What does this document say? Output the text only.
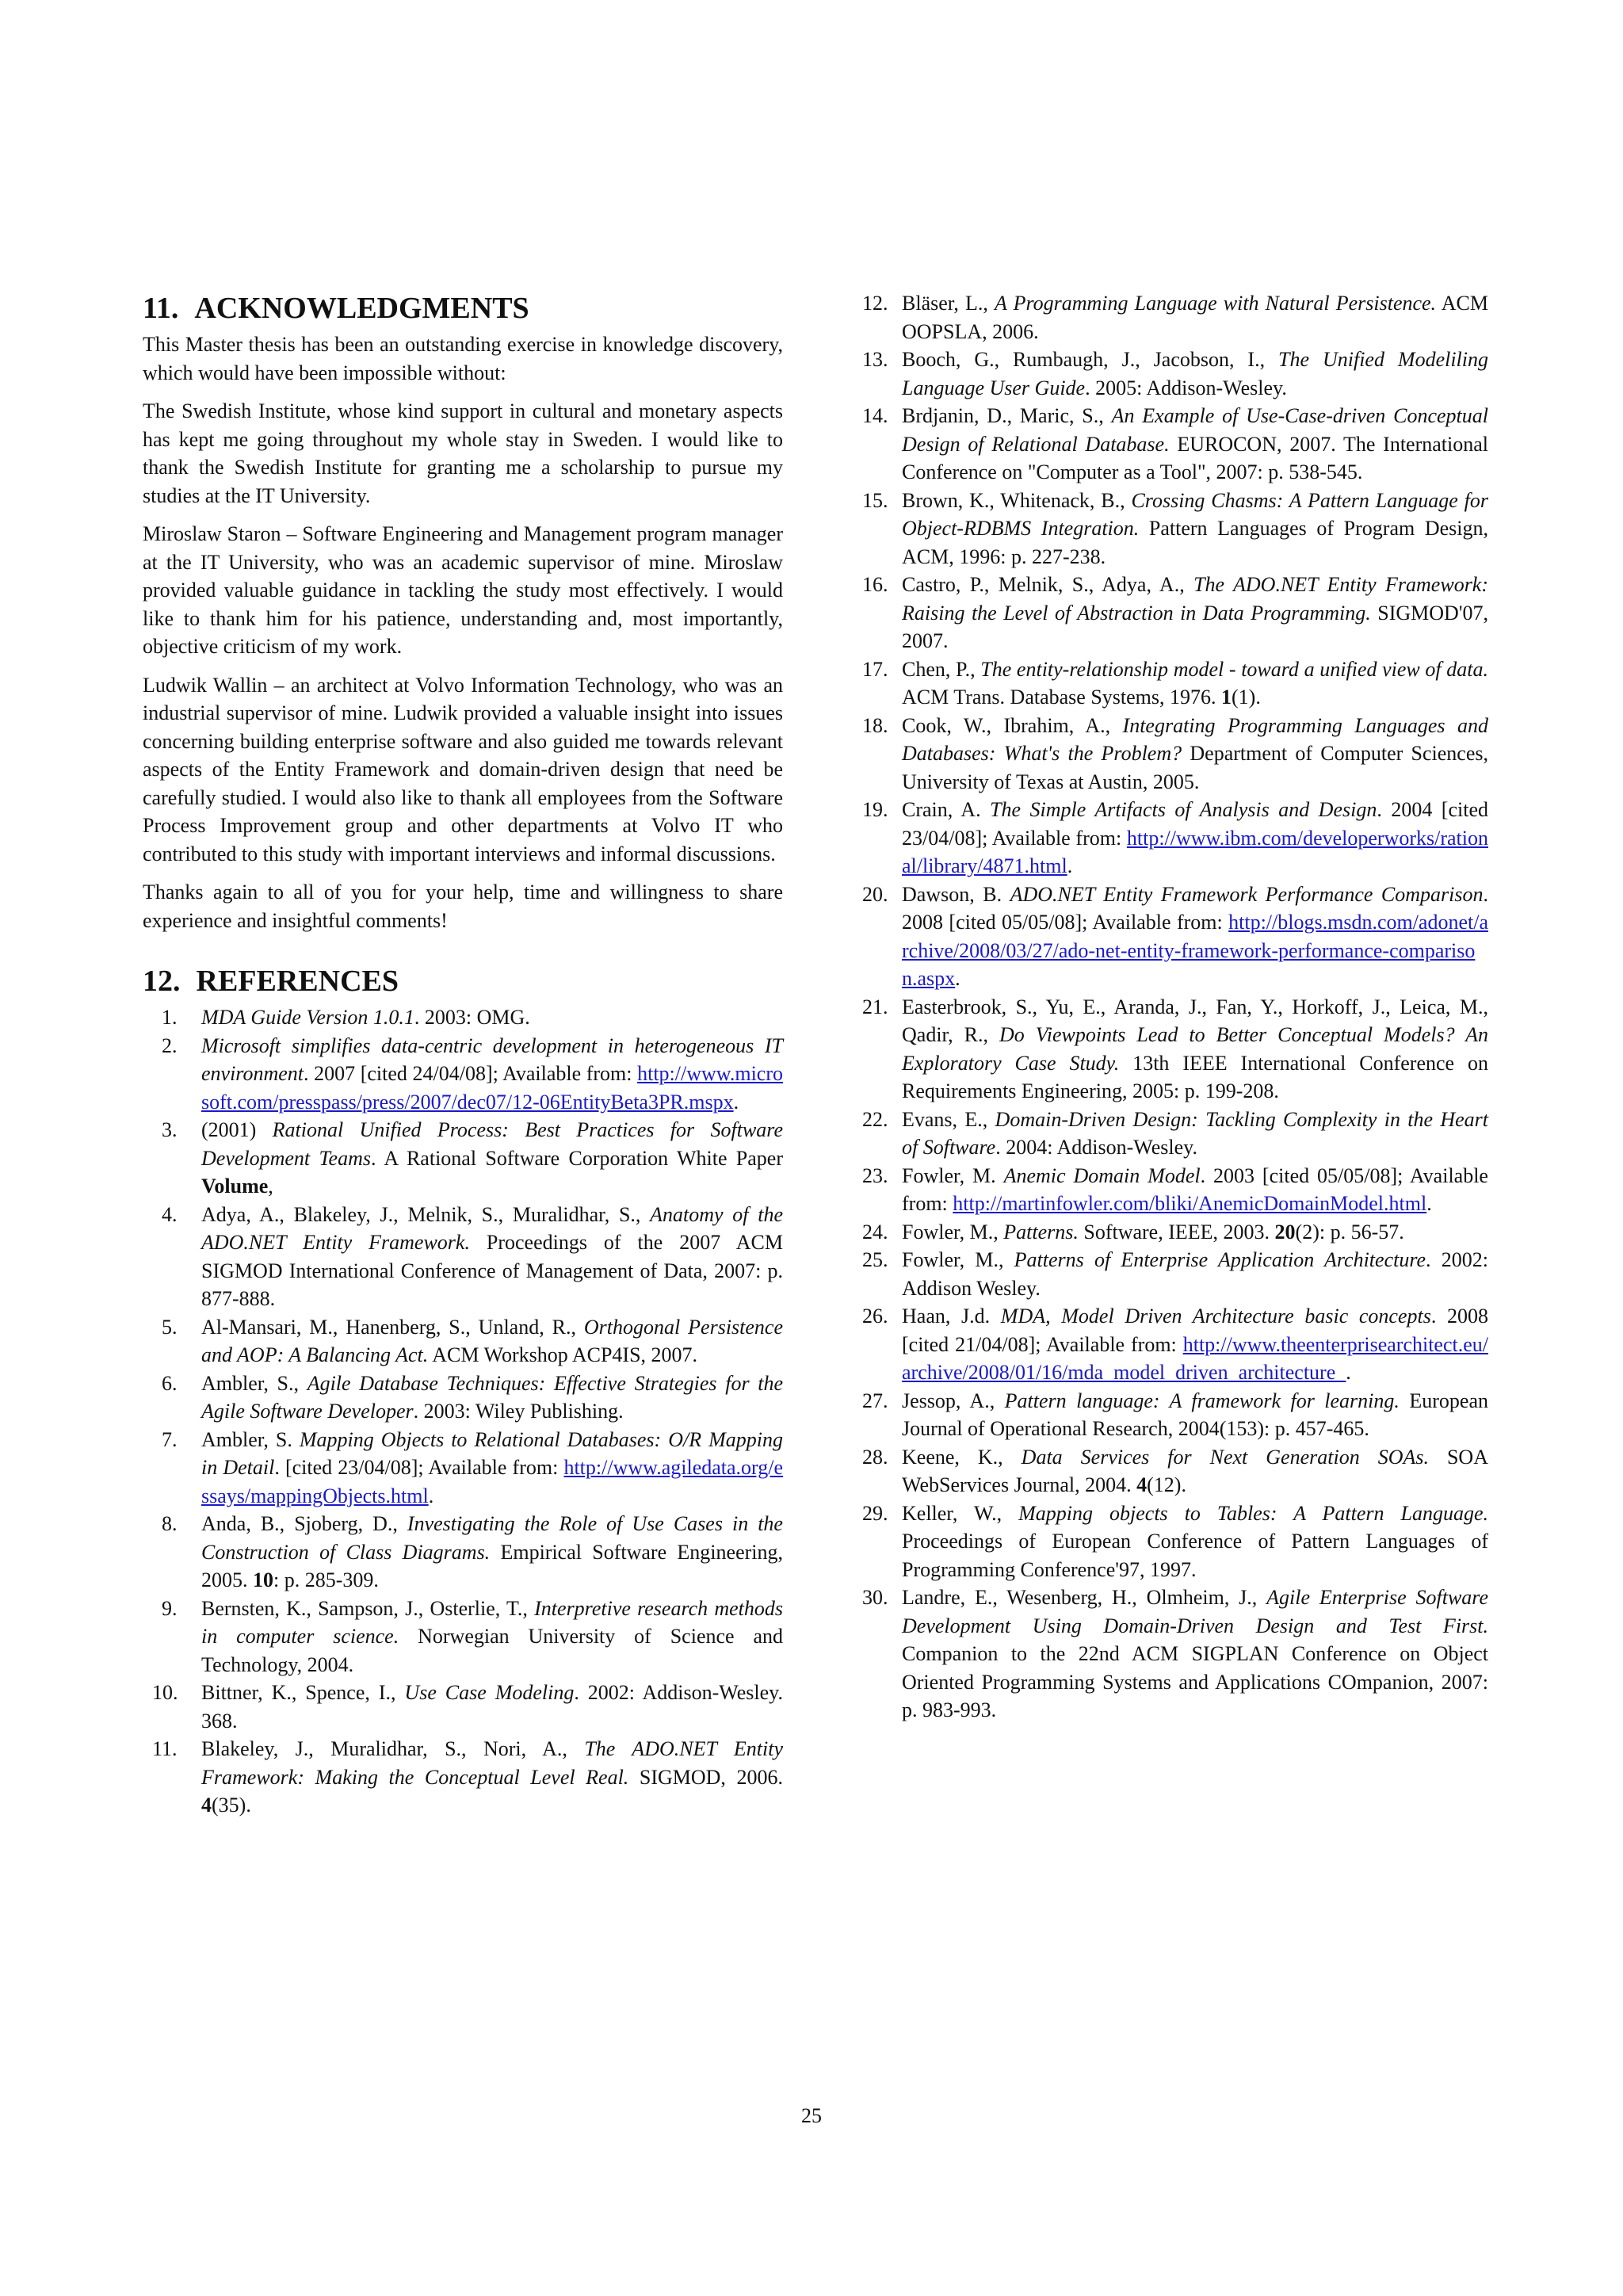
11. ACKNOWLEDGMENTS

This Master thesis has been an outstanding exercise in knowledge discovery, which would have been impossible without:

The Swedish Institute, whose kind support in cultural and monetary aspects has kept me going throughout my whole stay in Sweden. I would like to thank the Swedish Institute for granting me a scholarship to pursue my studies at the IT University.

Miroslaw Staron – Software Engineering and Management program manager at the IT University, who was an academic supervisor of mine. Miroslaw provided valuable guidance in tackling the study most effectively. I would like to thank him for his patience, understanding and, most importantly, objective criticism of my work.

Ludwik Wallin – an architect at Volvo Information Technology, who was an industrial supervisor of mine. Ludwik provided a valuable insight into issues concerning building enterprise software and also guided me towards relevant aspects of the Entity Framework and domain-driven design that need be carefully studied. I would also like to thank all employees from the Software Process Improvement group and other departments at Volvo IT who contributed to this study with important interviews and informal discussions.

Thanks again to all of you for your help, time and willingness to share experience and insightful comments!

12. REFERENCES
1. MDA Guide Version 1.0.1. 2003: OMG.
2. Microsoft simplifies data-centric development in heterogeneous IT environment. 2007 [cited 24/04/08]; Available from: http://www.microsoft.com/presspass/press/2007/dec07/12-06EntityBeta3PR.mspx.
3. (2001) Rational Unified Process: Best Practices for Software Development Teams. A Rational Software Corporation White Paper Volume,
4. Adya, A., Blakeley, J., Melnik, S., Muralidhar, S., Anatomy of the ADO.NET Entity Framework. Proceedings of the 2007 ACM SIGMOD International Conference of Management of Data, 2007: p. 877-888.
5. Al-Mansari, M., Hanenberg, S., Unland, R., Orthogonal Persistence and AOP: A Balancing Act. ACM Workshop ACP4IS, 2007.
6. Ambler, S., Agile Database Techniques: Effective Strategies for the Agile Software Developer. 2003: Wiley Publishing.
7. Ambler, S. Mapping Objects to Relational Databases: O/R Mapping in Detail. [cited 23/04/08]; Available from: http://www.agiledata.org/essays/mappingObjects.html.
8. Anda, B., Sjoberg, D., Investigating the Role of Use Cases in the Construction of Class Diagrams. Empirical Software Engineering, 2005. 10: p. 285-309.
9. Bernsten, K., Sampson, J., Osterlie, T., Interpretive research methods in computer science. Norwegian University of Science and Technology, 2004.
10. Bittner, K., Spence, I., Use Case Modeling. 2002: Addison-Wesley. 368.
11. Blakeley, J., Muralidhar, S., Nori, A., The ADO.NET Entity Framework: Making the Conceptual Level Real. SIGMOD, 2006. 4(35).
12. Bläser, L., A Programming Language with Natural Persistence. ACM OOPSLA, 2006.
13. Booch, G., Rumbaugh, J., Jacobson, I., The Unified Modeliling Language User Guide. 2005: Addison-Wesley.
14. Brdjanin, D., Maric, S., An Example of Use-Case-driven Conceptual Design of Relational Database. EUROCON, 2007. The International Conference on "Computer as a Tool", 2007: p. 538-545.
15. Brown, K., Whitenack, B., Crossing Chasms: A Pattern Language for Object-RDBMS Integration. Pattern Languages of Program Design, ACM, 1996: p. 227-238.
16. Castro, P., Melnik, S., Adya, A., The ADO.NET Entity Framework: Raising the Level of Abstraction in Data Programming. SIGMOD'07, 2007.
17. Chen, P., The entity-relationship model - toward a unified view of data. ACM Trans. Database Systems, 1976. 1(1).
18. Cook, W., Ibrahim, A., Integrating Programming Languages and Databases: What's the Problem? Department of Computer Sciences, University of Texas at Austin, 2005.
19. Crain, A. The Simple Artifacts of Analysis and Design. 2004 [cited 23/04/08]; Available from: http://www.ibm.com/developerworks/rational/library/4871.html.
20. Dawson, B. ADO.NET Entity Framework Performance Comparison. 2008 [cited 05/05/08]; Available from: http://blogs.msdn.com/adonet/archive/2008/03/27/ado-net-entity-framework-performance-comparison.aspx.
21. Easterbrook, S., Yu, E., Aranda, J., Fan, Y., Horkoff, J., Leica, M., Qadir, R., Do Viewpoints Lead to Better Conceptual Models? An Exploratory Case Study. 13th IEEE International Conference on Requirements Engineering, 2005: p. 199-208.
22. Evans, E., Domain-Driven Design: Tackling Complexity in the Heart of Software. 2004: Addison-Wesley.
23. Fowler, M. Anemic Domain Model. 2003 [cited 05/05/08]; Available from: http://martinfowler.com/bliki/AnemicDomainModel.html.
24. Fowler, M., Patterns. Software, IEEE, 2003. 20(2): p. 56-57.
25. Fowler, M., Patterns of Enterprise Application Architecture. 2002: Addison Wesley.
26. Haan, J.d. MDA, Model Driven Architecture basic concepts. 2008 [cited 21/04/08]; Available from: http://www.theenterprisearchitect.eu/archive/2008/01/16/mda_model_driven_architecture_.
27. Jessop, A., Pattern language: A framework for learning. European Journal of Operational Research, 2004(153): p. 457-465.
28. Keene, K., Data Services for Next Generation SOAs. SOA WebServices Journal, 2004. 4(12).
29. Keller, W., Mapping objects to Tables: A Pattern Language. Proceedings of European Conference of Pattern Languages of Programming Conference'97, 1997.
30. Landre, E., Wesenberg, H., Olmheim, J., Agile Enterprise Software Development Using Domain-Driven Design and Test First. Companion to the 22nd ACM SIGPLAN Conference on Object Oriented Programming Systems and Applications COmpanion, 2007: p. 983-993.
25
